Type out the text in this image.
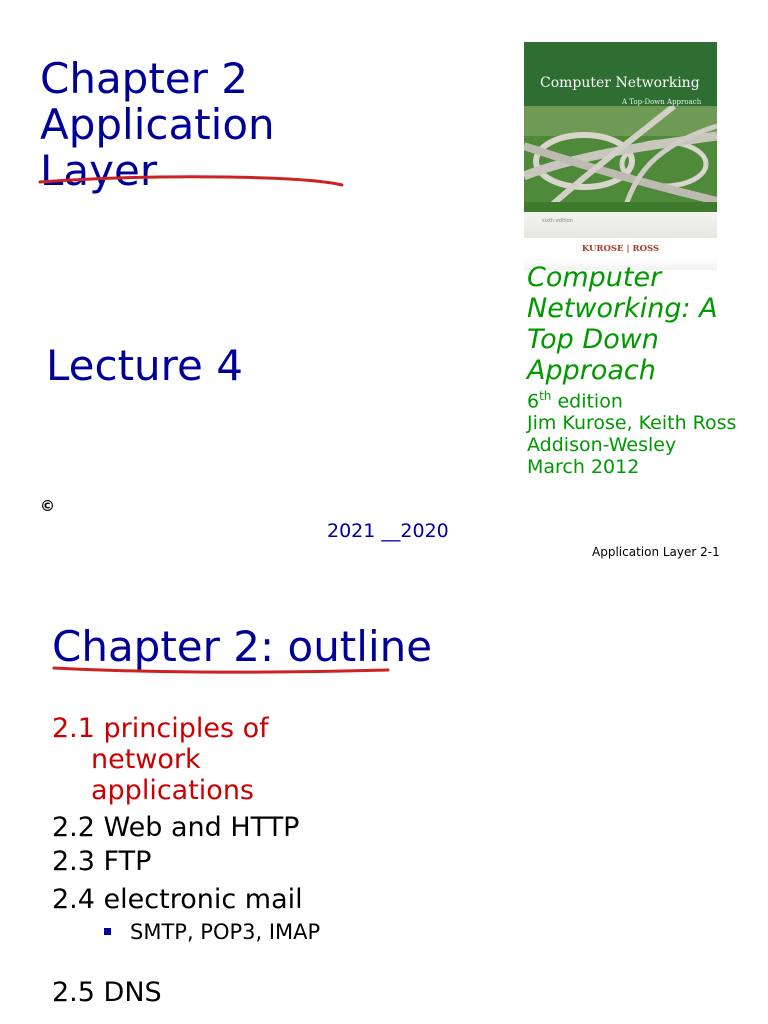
Chapter 2
Application
Layer
Lecture 4
©
2021 __2020
Application Layer 2-1
Computer Networking
A Top-Down Approach
sixth edition
KUROSE | ROSS
Computer Networking: A Top Down Approach
6th edition
Jim Kurose, Keith Ross
Addison-Wesley
March 2012
Chapter 2: outline
2.1 principles of
network applications
2.2 Web and HTTP
2.3 FTP
2.4 electronic mail
SMTP, POP3, IMAP
2.5 DNS
